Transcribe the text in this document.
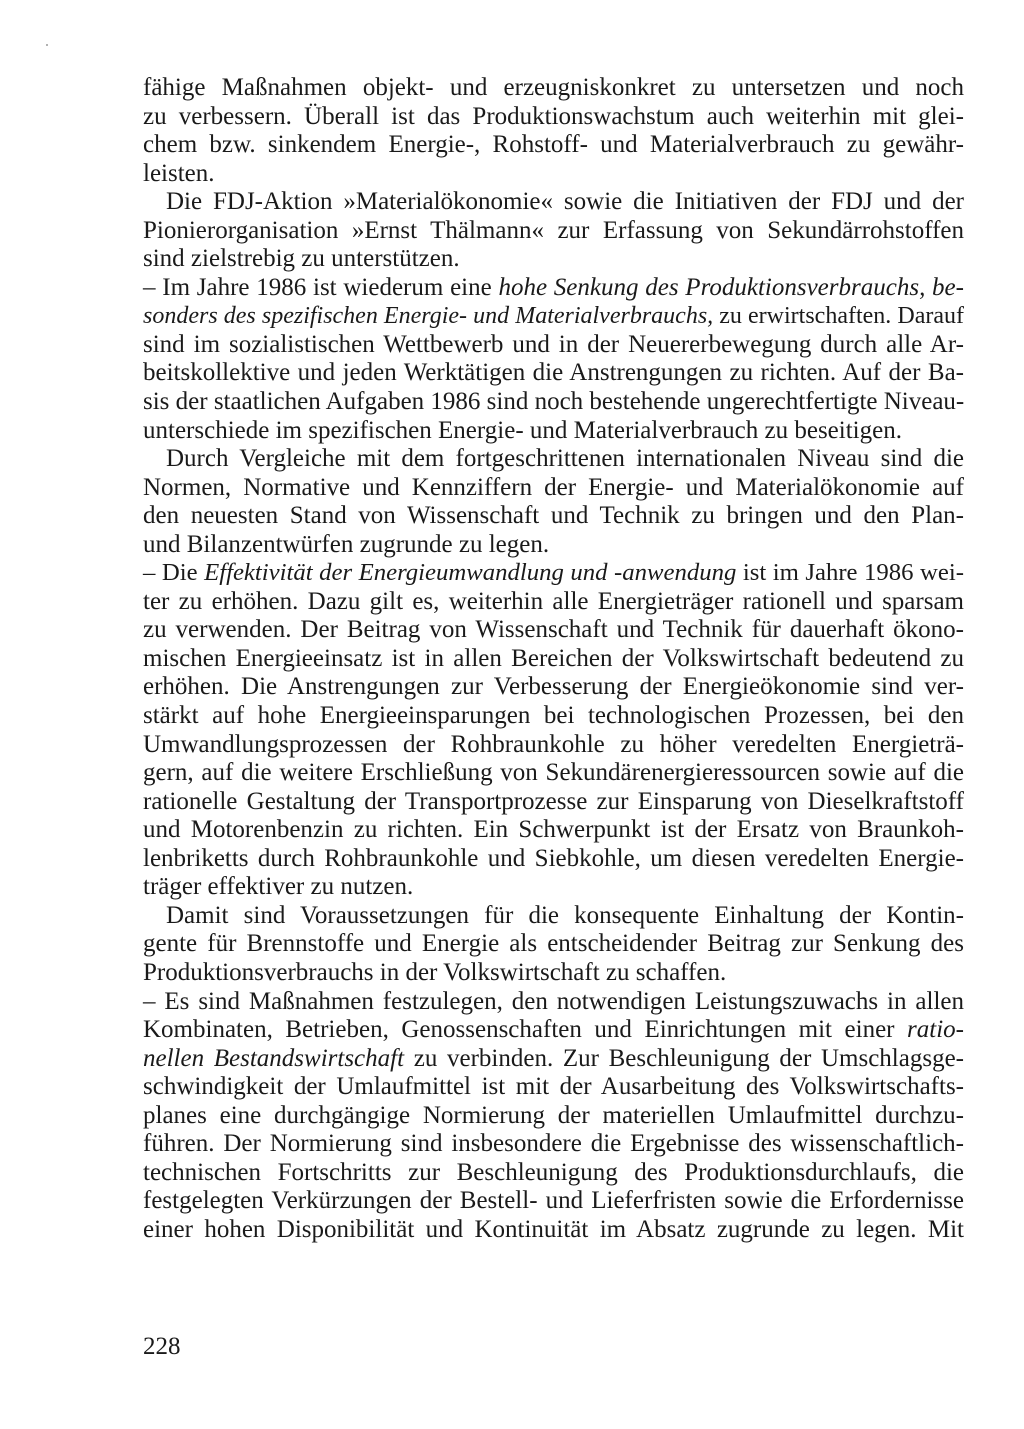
fähige Maßnahmen objekt- und erzeugniskonkret zu untersetzen und noch
zu verbessern. Überall ist das Produktionswachstum auch weiterhin mit glei-
chem bzw. sinkendem Energie-, Rohstoff- und Materialverbrauch zu gewähr-
leisten.
Die FDJ-Aktion »Materialökonomie« sowie die Initiativen der FDJ und der
Pionierorganisation »Ernst Thälmann« zur Erfassung von Sekundärrohstoffen
sind zielstrebig zu unterstützen.
– Im Jahre 1986 ist wiederum eine hohe Senkung des Produktionsverbrauchs, be-
sonders des spezifischen Energie- und Materialverbrauchs, zu erwirtschaften. Darauf
sind im sozialistischen Wettbewerb und in der Neuererbewegung durch alle Ar-
beitskollektive und jeden Werktätigen die Anstrengungen zu richten. Auf der Ba-
sis der staatlichen Aufgaben 1986 sind noch bestehende ungerechtfertigte Niveau-
unterschiede im spezifischen Energie- und Materialverbrauch zu beseitigen.
Durch Vergleiche mit dem fortgeschrittenen internationalen Niveau sind die
Normen, Normative und Kennziffern der Energie- und Materialökonomie auf
den neuesten Stand von Wissenschaft und Technik zu bringen und den Plan-
und Bilanzentwürfen zugrunde zu legen.
– Die Effektivität der Energieumwandlung und -anwendung ist im Jahre 1986 wei-
ter zu erhöhen. Dazu gilt es, weiterhin alle Energieträger rationell und sparsam
zu verwenden. Der Beitrag von Wissenschaft und Technik für dauerhaft ökono-
mischen Energieeinsatz ist in allen Bereichen der Volkswirtschaft bedeutend zu
erhöhen. Die Anstrengungen zur Verbesserung der Energieökonomie sind ver-
stärkt auf hohe Energieeinsparungen bei technologischen Prozessen, bei den
Umwandlungsprozessen der Rohbraunkohle zu höher veredelten Energieträ-
gern, auf die weitere Erschließung von Sekundärenergieressourcen sowie auf die
rationelle Gestaltung der Transportprozesse zur Einsparung von Dieselkraftstoff
und Motorenbenzin zu richten. Ein Schwerpunkt ist der Ersatz von Braunkoh-
lenbriketts durch Rohbraunkohle und Siebkohle, um diesen veredelten Energie-
träger effektiver zu nutzen.
Damit sind Voraussetzungen für die konsequente Einhaltung der Kontin-
gente für Brennstoffe und Energie als entscheidender Beitrag zur Senkung des
Produktionsverbrauchs in der Volkswirtschaft zu schaffen.
– Es sind Maßnahmen festzulegen, den notwendigen Leistungszuwachs in allen
Kombinaten, Betrieben, Genossenschaften und Einrichtungen mit einer ratio-
nellen Bestandswirtschaft zu verbinden. Zur Beschleunigung der Umschlagsge-
schwindigkeit der Umlaufmittel ist mit der Ausarbeitung des Volkswirtschafts-
planes eine durchgängige Normierung der materiellen Umlaufmittel durchzu-
führen. Der Normierung sind insbesondere die Ergebnisse des wissenschaftlich-
technischen Fortschritts zur Beschleunigung des Produktionsdurchlaufs, die
festgelegten Verkürzungen der Bestell- und Lieferfristen sowie die Erfordernisse
einer hohen Disponibilität und Kontinuität im Absatz zugrunde zu legen. Mit
228
